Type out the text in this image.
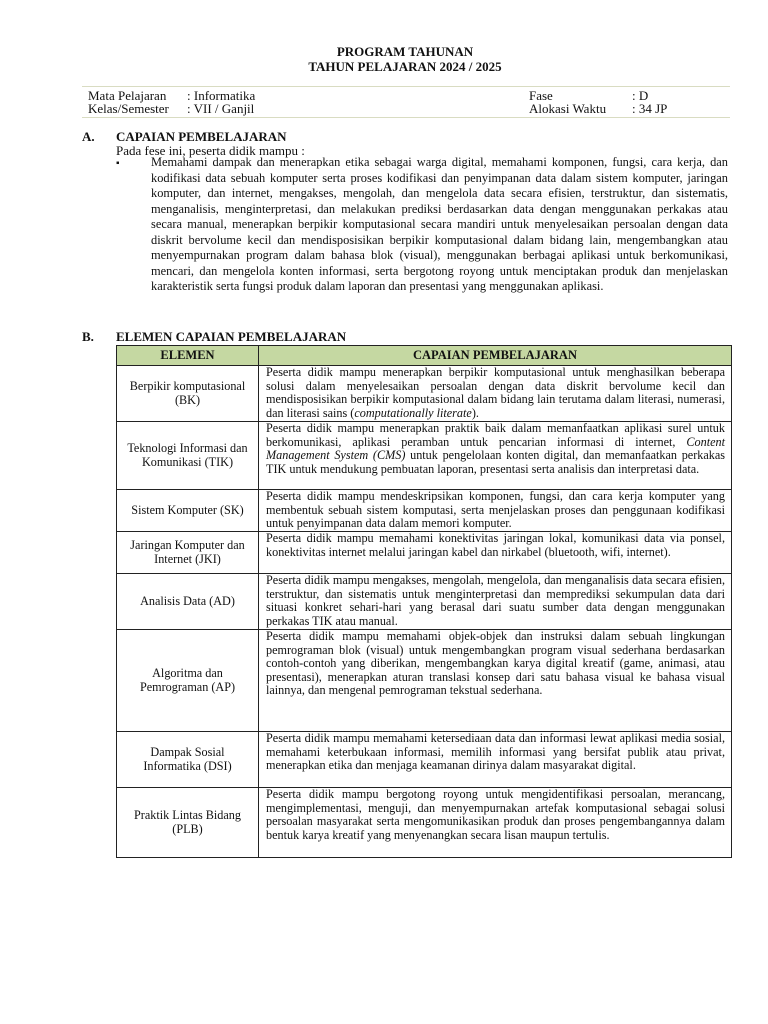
PROGRAM TAHUNAN
TAHUN PELAJARAN 2024 / 2025
Mata Pelajaran : Informatika
Kelas/Semester : VII / Ganjil
Fase	: D
Alokasi Waktu : 34 JP
A. CAPAIAN PEMBELAJARAN
Pada fese ini, peserta didik mampu :
▪	Memahami dampak dan menerapkan etika sebagai warga digital, memahami komponen, fungsi, cara kerja, dan kodifikasi data sebuah komputer serta proses kodifikasi dan penyimpanan data dalam sistem komputer, jaringan komputer, dan internet, mengakses, mengolah, dan mengelola data secara efisien, terstruktur, dan sistematis, menganalisis, menginterpretasi, dan melakukan prediksi berdasarkan data dengan menggunakan perkakas atau secara manual, menerapkan berpikir komputasional secara mandiri untuk menyelesaikan persoalan dengan data diskrit bervolume kecil dan mendisposisikan berpikir komputasional dalam bidang lain, mengembangkan atau menyempurnakan program dalam bahasa blok (visual), menggunakan berbagai aplikasi untuk berkomunikasi, mencari, dan mengelola konten informasi, serta bergotong royong untuk menciptakan produk dan menjelaskan karakteristik serta fungsi produk dalam laporan dan presentasi yang menggunakan aplikasi.
B. ELEMEN CAPAIAN PEMBELAJARAN
ELEMEN	CAPAIAN PEMBELAJARAN
Berpikir komputasional (BK)	Peserta didik mampu menerapkan berpikir komputasional untuk menghasilkan beberapa solusi dalam menyelesaikan persoalan dengan data diskrit bervolume kecil dan mendisposisikan berpikir komputasional dalam bidang lain terutama dalam literasi, numerasi, dan literasi sains (computationally literate).
Teknologi Informasi dan Komunikasi (TIK)	Peserta didik mampu menerapkan praktik baik dalam memanfaatkan aplikasi surel untuk berkomunikasi, aplikasi peramban untuk pencarian informasi di internet, Content Management System (CMS) untuk pengelolaan konten digital, dan memanfaatkan perkakas TIK untuk mendukung pembuatan laporan, presentasi serta analisis dan interpretasi data.
Sistem Komputer (SK)	Peserta didik mampu mendeskripsikan komponen, fungsi, dan cara kerja komputer yang membentuk sebuah sistem komputasi, serta menjelaskan proses dan penggunaan kodifikasi untuk penyimpanan data dalam memori komputer.
Jaringan Komputer dan Internet (JKI)	Peserta didik mampu memahami konektivitas jaringan lokal, komunikasi data via ponsel, konektivitas internet melalui jaringan kabel dan nirkabel (bluetooth, wifi, internet).
Analisis Data (AD)	Peserta didik mampu mengakses, mengolah, mengelola, dan menganalisis data secara efisien, terstruktur, dan sistematis untuk menginterpretasi dan memprediksi sekumpulan data dari situasi konkret sehari-hari yang berasal dari suatu sumber data dengan menggunakan perkakas TIK atau manual.
Algoritma dan Pemrograman (AP)	Peserta didik mampu memahami objek-objek dan instruksi dalam sebuah lingkungan pemrograman blok (visual) untuk mengembangkan program visual sederhana berdasarkan contoh-contoh yang diberikan, mengembangkan karya digital kreatif (game, animasi, atau presentasi), menerapkan aturan translasi konsep dari satu bahasa visual ke bahasa visual lainnya, dan mengenal pemrograman tekstual sederhana.
Dampak Sosial Informatika (DSI)	Peserta didik mampu memahami ketersediaan data dan informasi lewat aplikasi media sosial, memahami keterbukaan informasi, memilih informasi yang bersifat publik atau privat, menerapkan etika dan menjaga keamanan dirinya dalam masyarakat digital.
Praktik Lintas Bidang (PLB)	Peserta didik mampu bergotong royong untuk mengidentifikasi persoalan, merancang, mengimplementasi, menguji, dan menyempurnakan artefak komputasional sebagai solusi persoalan masyarakat serta mengomunikasikan produk dan proses pengembangannya dalam bentuk karya kreatif yang menyenangkan secara lisan maupun tertulis.
